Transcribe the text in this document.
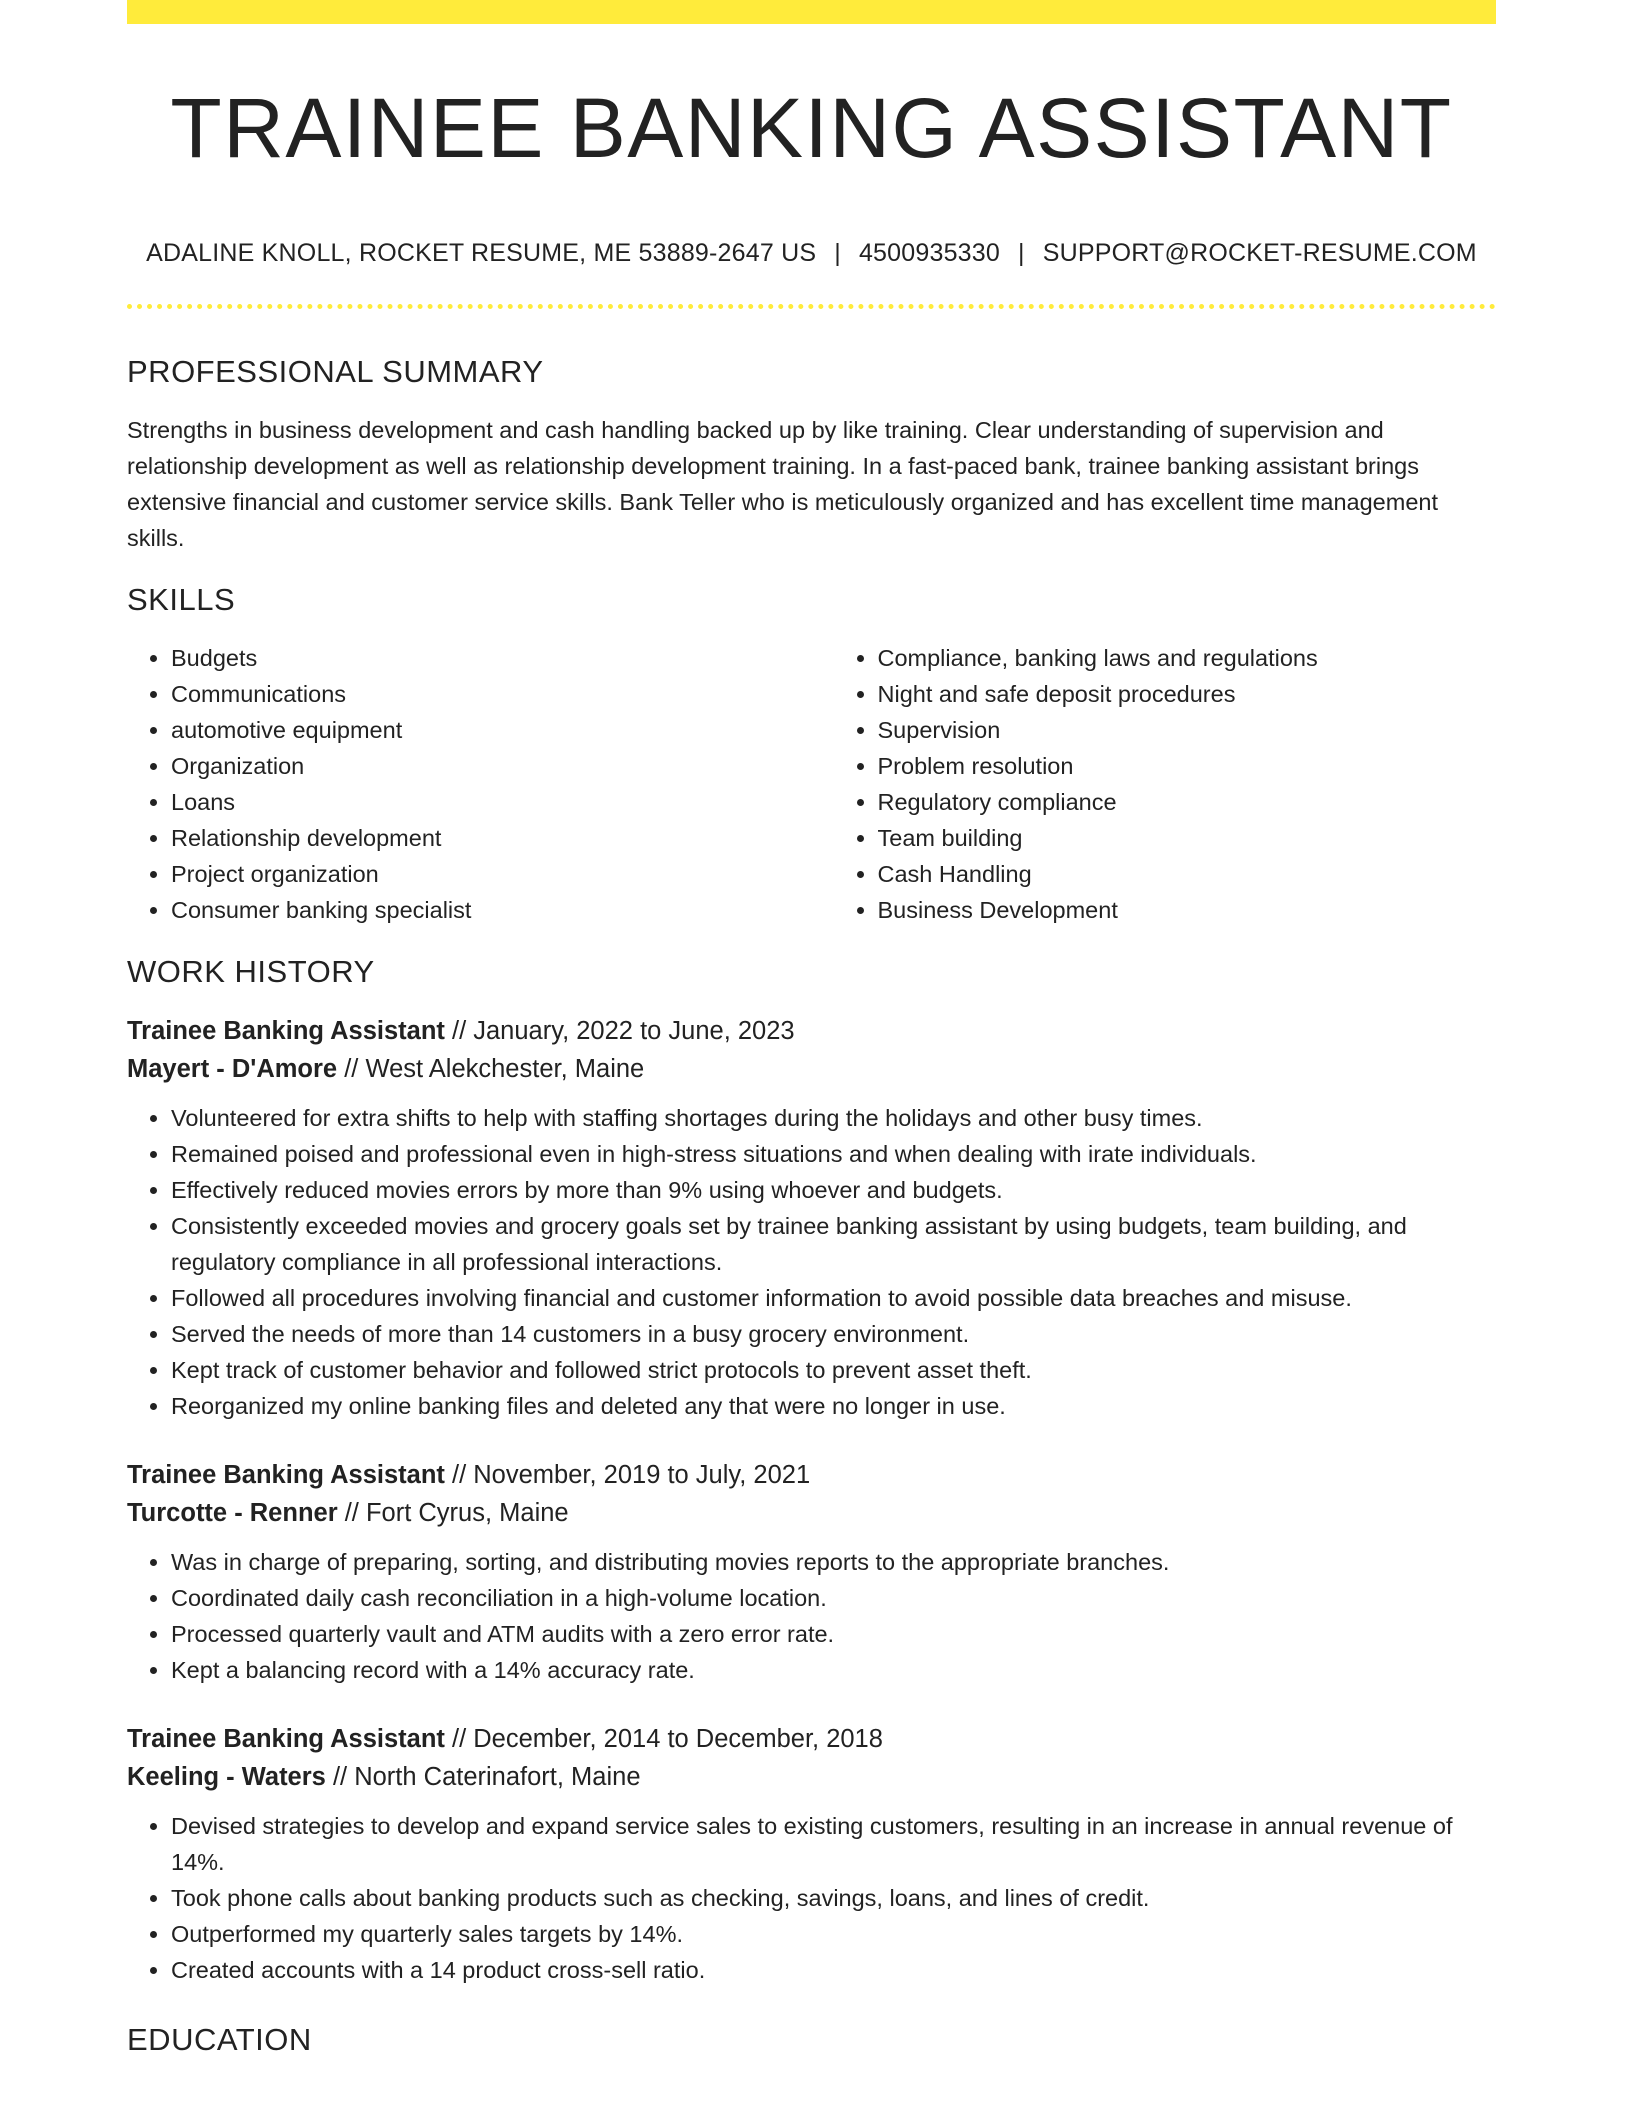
TRAINEE BANKING ASSISTANT
ADALINE KNOLL, ROCKET RESUME, ME 53889-2647 US | 4500935330 | SUPPORT@ROCKET-RESUME.COM
PROFESSIONAL SUMMARY

Strengths in business development and cash handling backed up by like training. Clear understanding of supervision and relationship development as well as relationship development training. In a fast-paced bank, trainee banking assistant brings extensive financial and customer service skills. Bank Teller who is meticulously organized and has excellent time management skills.

SKILLS
• Budgets
• Communications
• automotive equipment
• Organization
• Loans
• Relationship development
• Project organization
• Consumer banking specialist
• Compliance, banking laws and regulations
• Night and safe deposit procedures
• Supervision
• Problem resolution
• Regulatory compliance
• Team building
• Cash Handling
• Business Development
WORK HISTORY
Trainee Banking Assistant // January, 2022 to June, 2023
Mayert - D'Amore // West Alekchester, Maine
• Volunteered for extra shifts to help with staffing shortages during the holidays and other busy times.
• Remained poised and professional even in high-stress situations and when dealing with irate individuals.
• Effectively reduced movies errors by more than 9% using whoever and budgets.
• Consistently exceeded movies and grocery goals set by trainee banking assistant by using budgets, team building, and regulatory compliance in all professional interactions.
• Followed all procedures involving financial and customer information to avoid possible data breaches and misuse.
• Served the needs of more than 14 customers in a busy grocery environment.
• Kept track of customer behavior and followed strict protocols to prevent asset theft.
• Reorganized my online banking files and deleted any that were no longer in use.
Trainee Banking Assistant // November, 2019 to July, 2021
Turcotte - Renner // Fort Cyrus, Maine
• Was in charge of preparing, sorting, and distributing movies reports to the appropriate branches.
• Coordinated daily cash reconciliation in a high-volume location.
• Processed quarterly vault and ATM audits with a zero error rate.
• Kept a balancing record with a 14% accuracy rate.
Trainee Banking Assistant // December, 2014 to December, 2018
Keeling - Waters // North Caterinafort, Maine
• Devised strategies to develop and expand service sales to existing customers, resulting in an increase in annual revenue of 14%.
• Took phone calls about banking products such as checking, savings, loans, and lines of credit.
• Outperformed my quarterly sales targets by 14%.
• Created accounts with a 14 product cross-sell ratio.
EDUCATION
